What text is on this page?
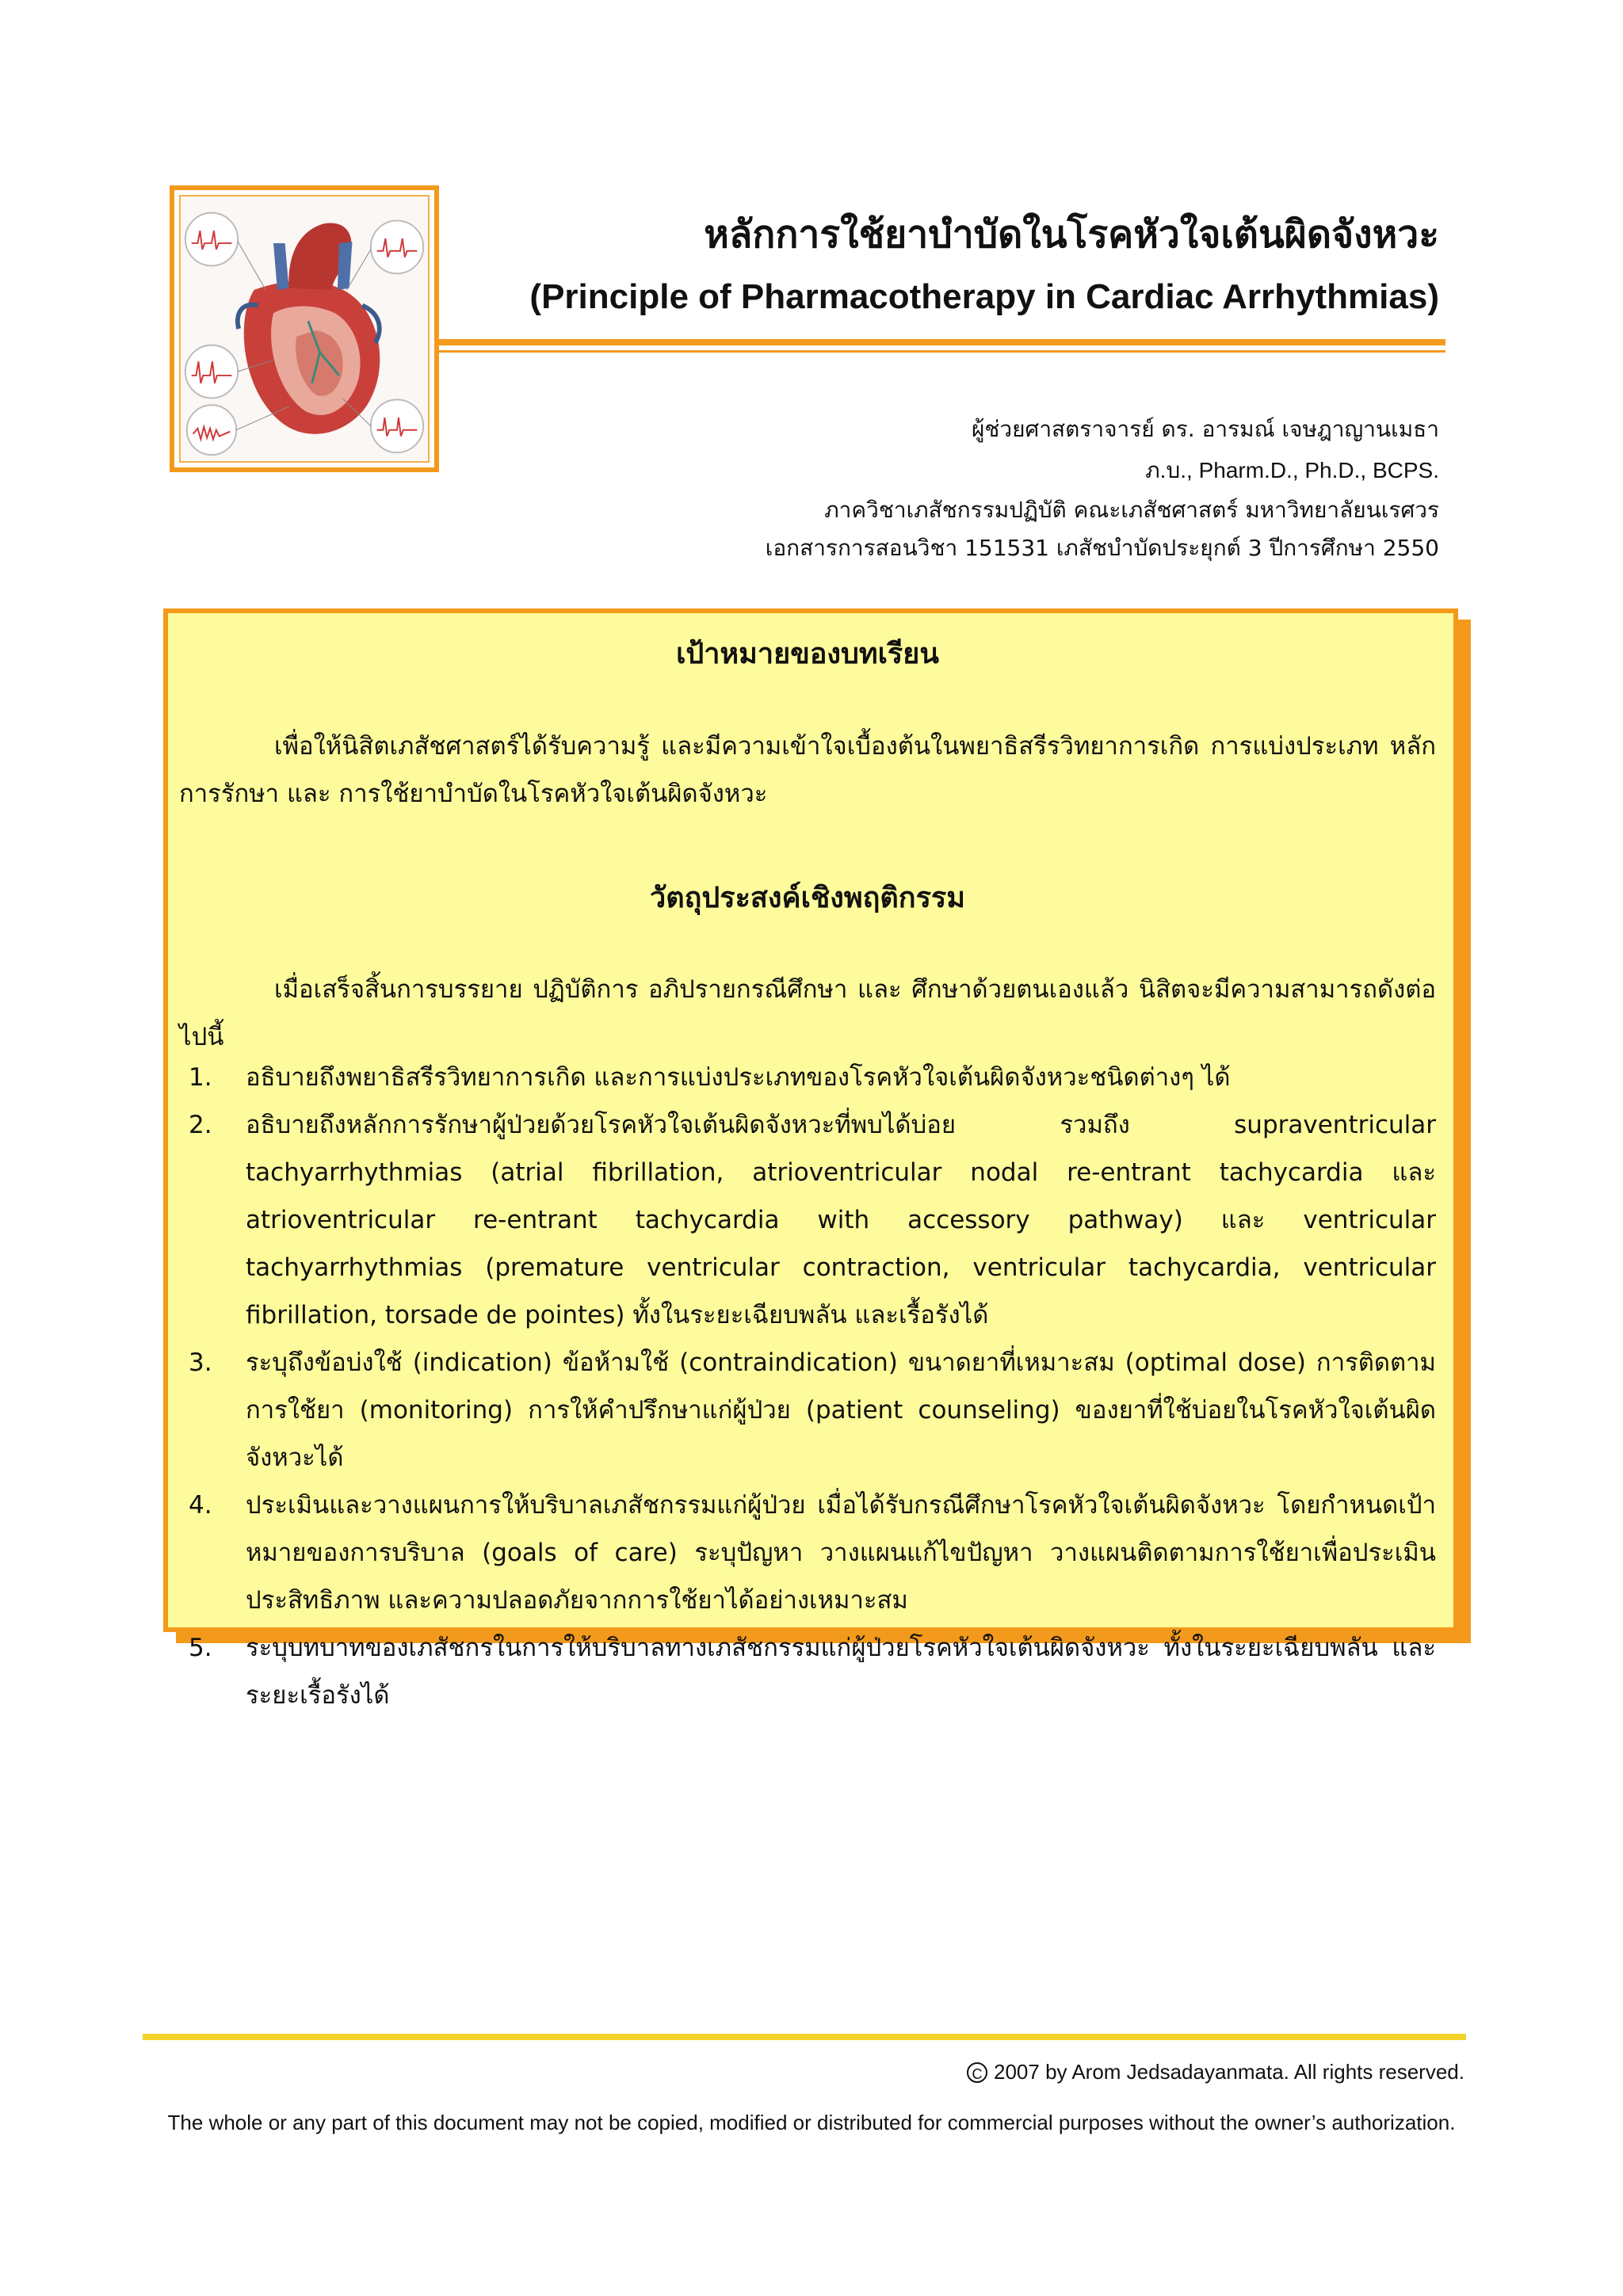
หลักการใช้ยาบำบัดในโรคหัวใจเต้นผิดจังหวะ
(Principle of Pharmacotherapy in Cardiac Arrhythmias)
ผู้ช่วยศาสตราจารย์ ดร. อารมณ์ เจษฎาญานเมธา
ภ.บ., Pharm.D., Ph.D., BCPS.
ภาควิชาเภสัชกรรมปฏิบัติ คณะเภสัชศาสตร์ มหาวิทยาลัยนเรศวร
เอกสารการสอนวิชา 151531 เภสัชบำบัดประยุกต์ 3 ปีการศึกษา 2550
เป้าหมายของบทเรียน
เพื่อให้นิสิตเภสัชศาสตร์ได้รับความรู้ และมีความเข้าใจเบื้องต้นในพยาธิสรีรวิทยาการเกิด การแบ่งประเภท หลักการรักษา และ การใช้ยาบำบัดในโรคหัวใจเต้นผิดจังหวะ
วัตถุประสงค์เชิงพฤติกรรม
เมื่อเสร็จสิ้นการบรรยาย ปฏิบัติการ อภิปรายกรณีศึกษา และ ศึกษาด้วยตนเองแล้ว นิสิตจะมีความสามารถดังต่อไปนี้
1. อธิบายถึงพยาธิสรีรวิทยาการเกิด และการแบ่งประเภทของโรคหัวใจเต้นผิดจังหวะชนิดต่างๆ ได้
2. อธิบายถึงหลักการรักษาผู้ป่วยด้วยโรคหัวใจเต้นผิดจังหวะที่พบได้บ่อย รวมถึง supraventricular tachyarrhythmias (atrial fibrillation, atrioventricular nodal re-entrant tachycardia และ atrioventricular re-entrant tachycardia with accessory pathway) และ ventricular tachyarrhythmias (premature ventricular contraction, ventricular tachycardia, ventricular fibrillation, torsade de pointes) ทั้งในระยะเฉียบพลัน และเรื้อรังได้
3. ระบุถึงข้อบ่งใช้ (indication) ข้อห้ามใช้ (contraindication) ขนาดยาที่เหมาะสม (optimal dose) การติดตามการใช้ยา (monitoring) การให้คำปรึกษาแก่ผู้ป่วย (patient counseling) ของยาที่ใช้บ่อยในโรคหัวใจเต้นผิดจังหวะได้
4. ประเมินและวางแผนการให้บริบาลเภสัชกรรมแก่ผู้ป่วย เมื่อได้รับกรณีศึกษาโรคหัวใจเต้นผิดจังหวะ โดยกำหนดเป้าหมายของการบริบาล (goals of care) ระบุปัญหา วางแผนแก้ไขปัญหา วางแผนติดตามการใช้ยาเพื่อประเมินประสิทธิภาพ และความปลอดภัยจากการใช้ยาได้อย่างเหมาะสม
5. ระบุบทบาทของเภสัชกรในการให้บริบาลทางเภสัชกรรมแก่ผู้ป่วยโรคหัวใจเต้นผิดจังหวะ ทั้งในระยะเฉียบพลัน และระยะเรื้อรังได้
C 2007 by Arom Jedsadayanmata. All rights reserved.
The whole or any part of this document may not be copied, modified or distributed for commercial purposes without the owner’s authorization.
